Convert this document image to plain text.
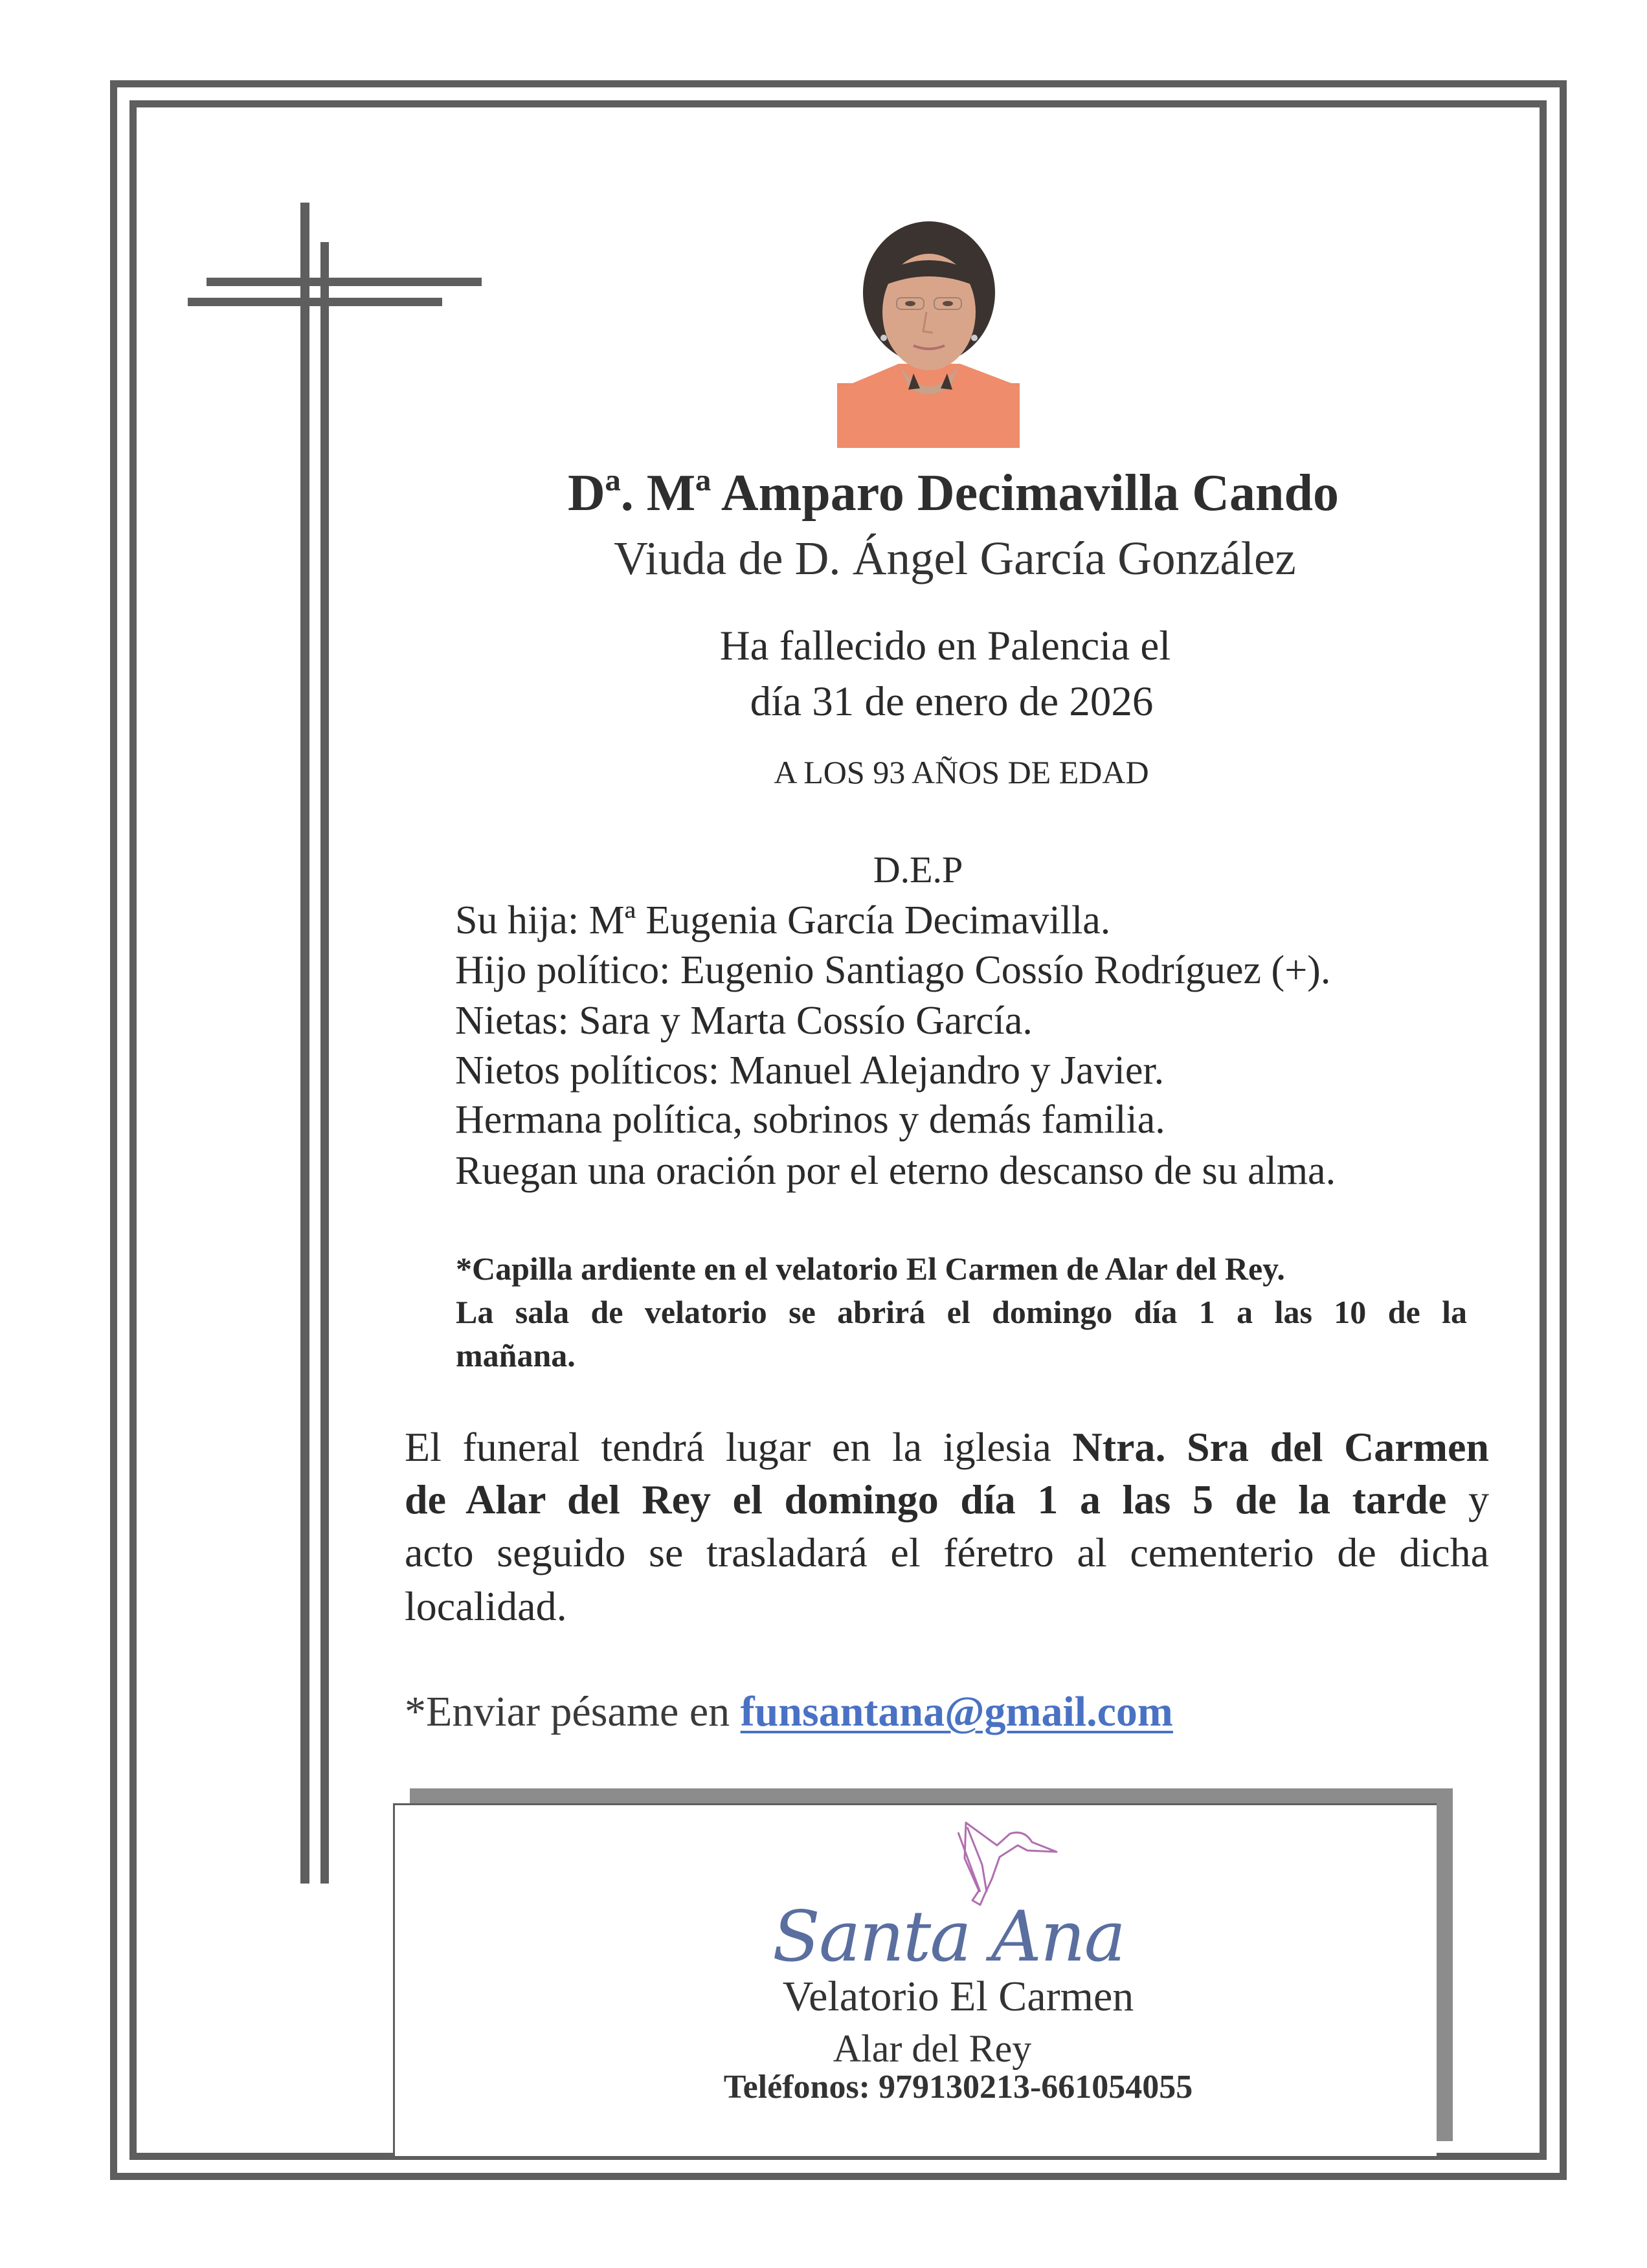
Dª. Mª Amparo Decimavilla Cando
Viuda de D. Ángel García González
Ha fallecido en Palencia el
día 31 de enero de 2026
A LOS 93 AÑOS DE EDAD
D.E.P
Su hija: Mª Eugenia García Decimavilla.
Hijo político: Eugenio Santiago Cossío Rodríguez (+).
Nietas: Sara y Marta Cossío García.
Nietos políticos: Manuel Alejandro y Javier.
Hermana política, sobrinos y demás familia.
Ruegan una oración por el eterno descanso de su alma.
*Capilla ardiente en el velatorio El Carmen de Alar del Rey.
La sala de velatorio se abrirá el domingo día 1 a las 10 de la
mañana.
El funeral tendrá lugar en la iglesia Ntra. Sra del Carmen
de Alar del Rey el domingo día 1 a las 5 de la tarde y
acto seguido se trasladará el féretro al cementerio de dicha
localidad.
*Enviar pésame en funsantana@gmail.com
Santa Ana
Velatorio El Carmen
Alar del Rey
Teléfonos: 979130213-661054055
